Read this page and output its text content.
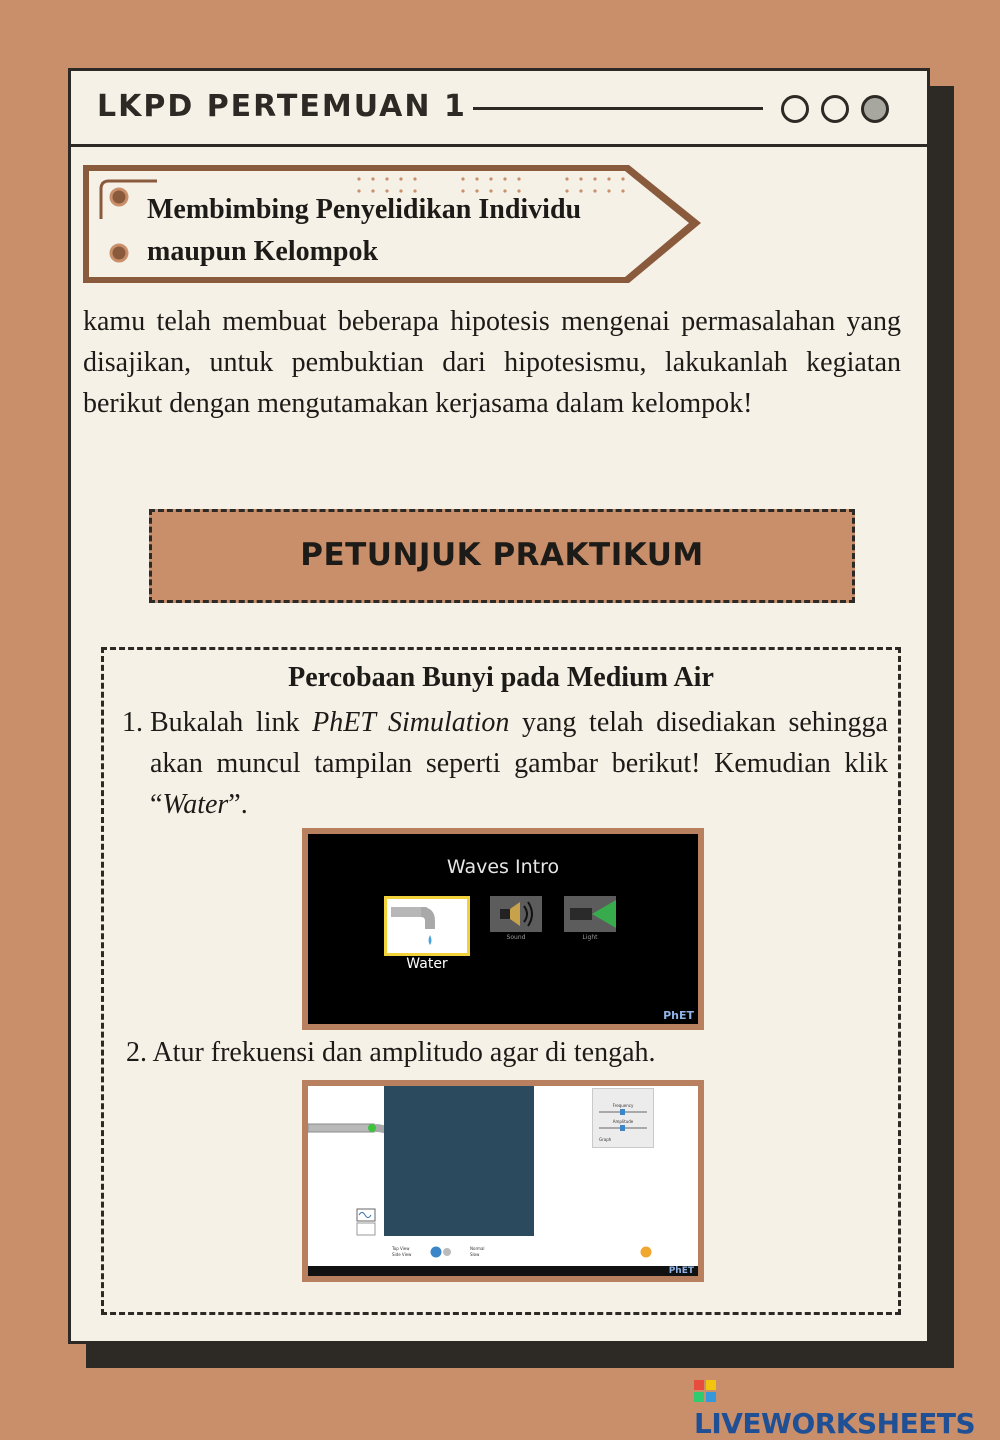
LKPD PERTEMUAN 1
Membimbing Penyelidikan Individu
maupun Kelompok

kamu telah membuat beberapa hipotesis mengenai permasalahan yang disajikan, untuk pembuktian dari hipotesismu, lakukanlah kegiatan berikut dengan mengutamakan kerjasama dalam kelompok!

PETUNJUK PRAKTIKUM
Percobaan Bunyi pada Medium Air
1. Bukalah link PhET Simulation yang telah disediakan sehingga akan muncul tampilan seperti gambar berikut! Kemudian klik “Water”.

Waves Intro
Water
Sound	Light
PhET
2. Atur frekuensi dan amplitudo agar di tengah.
Frequency
Amplitude
Graph
Top View
Side View
Normal
Slow
PhET
LIVEWORKSHEETS
